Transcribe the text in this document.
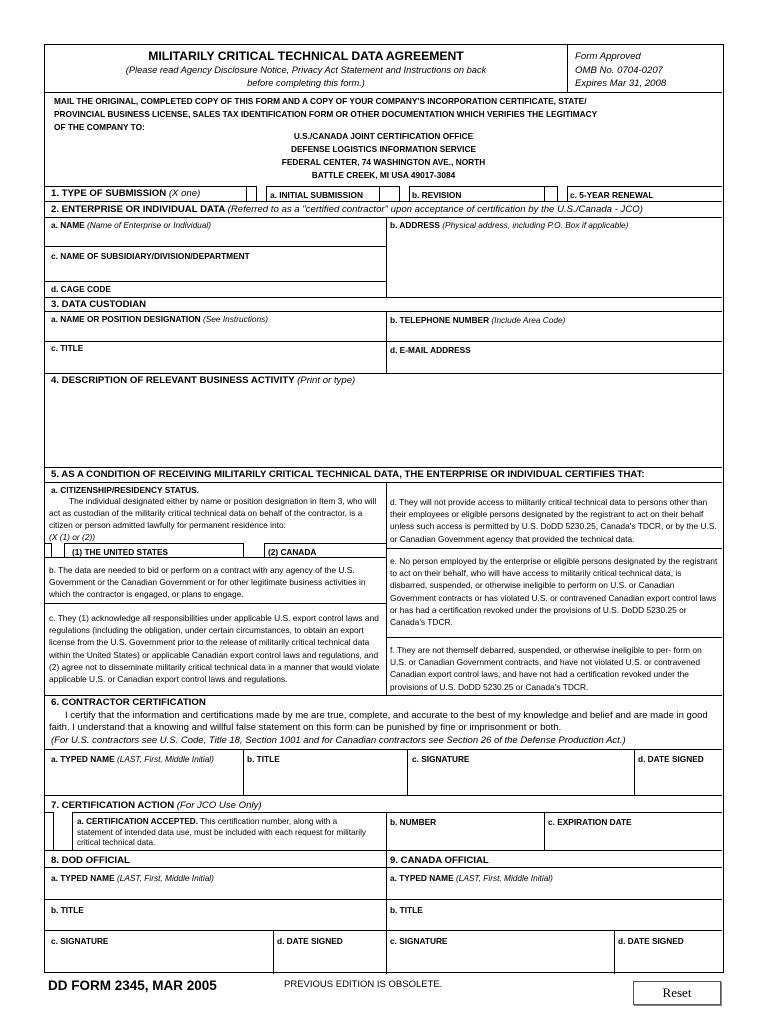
MILITARILY CRITICAL TECHNICAL DATA AGREEMENT
(Please read Agency Disclosure Notice, Privacy Act Statement and Instructions on back
before completing this form.)
Form Approved
OMB No. 0704-0207
Expires Mar 31, 2008
MAIL THE ORIGINAL, COMPLETED COPY OF THIS FORM AND A COPY OF YOUR COMPANY'S INCORPORATION CERTIFICATE, STATE/
PROVINCIAL BUSINESS LICENSE, SALES TAX IDENTIFICATION FORM OR OTHER DOCUMENTATION WHICH VERIFIES THE LEGITIMACY
OF THE COMPANY TO:
U.S./CANADA JOINT CERTIFICATION OFFICE
DEFENSE LOGISTICS INFORMATION SERVICE
FEDERAL CENTER, 74 WASHINGTON AVE., NORTH
BATTLE CREEK, MI USA 49017-3084
1. TYPE OF SUBMISSION (X one)	a. INITIAL SUBMISSION	b. REVISION	c. 5-YEAR RENEWAL
2. ENTERPRISE OR INDIVIDUAL DATA (Referred to as a "certified contractor" upon acceptance of certification by the U.S./Canada - JCO)
a. NAME (Name of Enterprise or Individual)	b. ADDRESS (Physical address, including P.O. Box if applicable)
c. NAME OF SUBSIDIARY/DIVISION/DEPARTMENT
d. CAGE CODE
3. DATA CUSTODIAN
a. NAME OR POSITION DESIGNATION (See Instructions)	b. TELEPHONE NUMBER (Include Area Code)
c. TITLE	d. E-MAIL ADDRESS
4. DESCRIPTION OF RELEVANT BUSINESS ACTIVITY (Print or type)
5. AS A CONDITION OF RECEIVING MILITARILY CRITICAL TECHNICAL DATA, THE ENTERPRISE OR INDIVIDUAL CERTIFIES THAT:
a. CITIZENSHIP/RESIDENCY STATUS.
The individual designated either by name or position designation in Item 3, who will act as custodian of the militarily critical technical data on behalf of the contractor, is a citizen or person admitted lawfully for permanent residence into:
(X (1) or (2))
(1) THE UNITED STATES	(2) CANADA
b. The data are needed to bid or perform on a contract with any agency of the U.S. Government or the Canadian Government or for other legitimate business activities in which the contractor is engaged, or plans to engage.
c. They (1) acknowledge all responsibilities under applicable U.S. export control laws and regulations (including the obligation, under certain circumstances, to obtain an export license from the U.S. Government prior to the release of militarily critical technical data within the United States) or applicable Canadian export control laws and regulations, and (2) agree not to disseminate militarily critical technical data in a manner that would violate applicable U.S. or Canadian export control laws and regulations.
d. They will not provide access to militarily critical technical data to persons other than their employees or eligible persons designated by the registrant to act on their behalf unless such access is permitted by U.S. DoDD 5230.25, Canada's TDCR, or by the U.S. or Canadian Government agency that provided the technical data.
e. No person employed by the enterprise or eligible persons designated by the registrant to act on their behalf, who will have access to militarily critical technical data, is disbarred, suspended, or otherwise ineligible to perform on U.S. or Canadian Government contracts or has violated U.S. or contravened Canadian export control laws or has had a certification revoked under the provisions of U.S. DoDD 5230.25 or Canada's TDCR.
f. They are not themself debarred, suspended, or otherwise ineligible to per- form on U.S. or Canadian Government contracts, and have not violated U.S. or contravened Canadian export control laws, and have not had a certification revoked under the provisions of U.S. DoDD 5230.25 or Canada's TDCR.
6. CONTRACTOR CERTIFICATION
I certify that the information and certifications made by me are true, complete, and accurate to the best of my knowledge and belief and are made in good faith. I understand that a knowing and willful false statement on this form can be punished by fine or imprisonment or both.
(For U.S. contractors see U.S. Code, Title 18, Section 1001 and for Canadian contractors see Section 26 of the Defense Production Act.)
a. TYPED NAME (LAST, First, Middle Initial)	b. TITLE	c. SIGNATURE	d. DATE SIGNED
7. CERTIFICATION ACTION (For JCO Use Only)
a. CERTIFICATION ACCEPTED. This certification number, along with a statement of intended data use, must be included with each request for militarily critical technical data.
b. NUMBER	c. EXPIRATION DATE
8. DOD OFFICIAL	9. CANADA OFFICIAL
a. TYPED NAME (LAST, First, Middle Initial)	a. TYPED NAME (LAST, First, Middle Initial)
b. TITLE	b. TITLE
c. SIGNATURE	d. DATE SIGNED	c. SIGNATURE	d. DATE SIGNED
DD FORM 2345, MAR 2005	PREVIOUS EDITION IS OBSOLETE.
Reset
